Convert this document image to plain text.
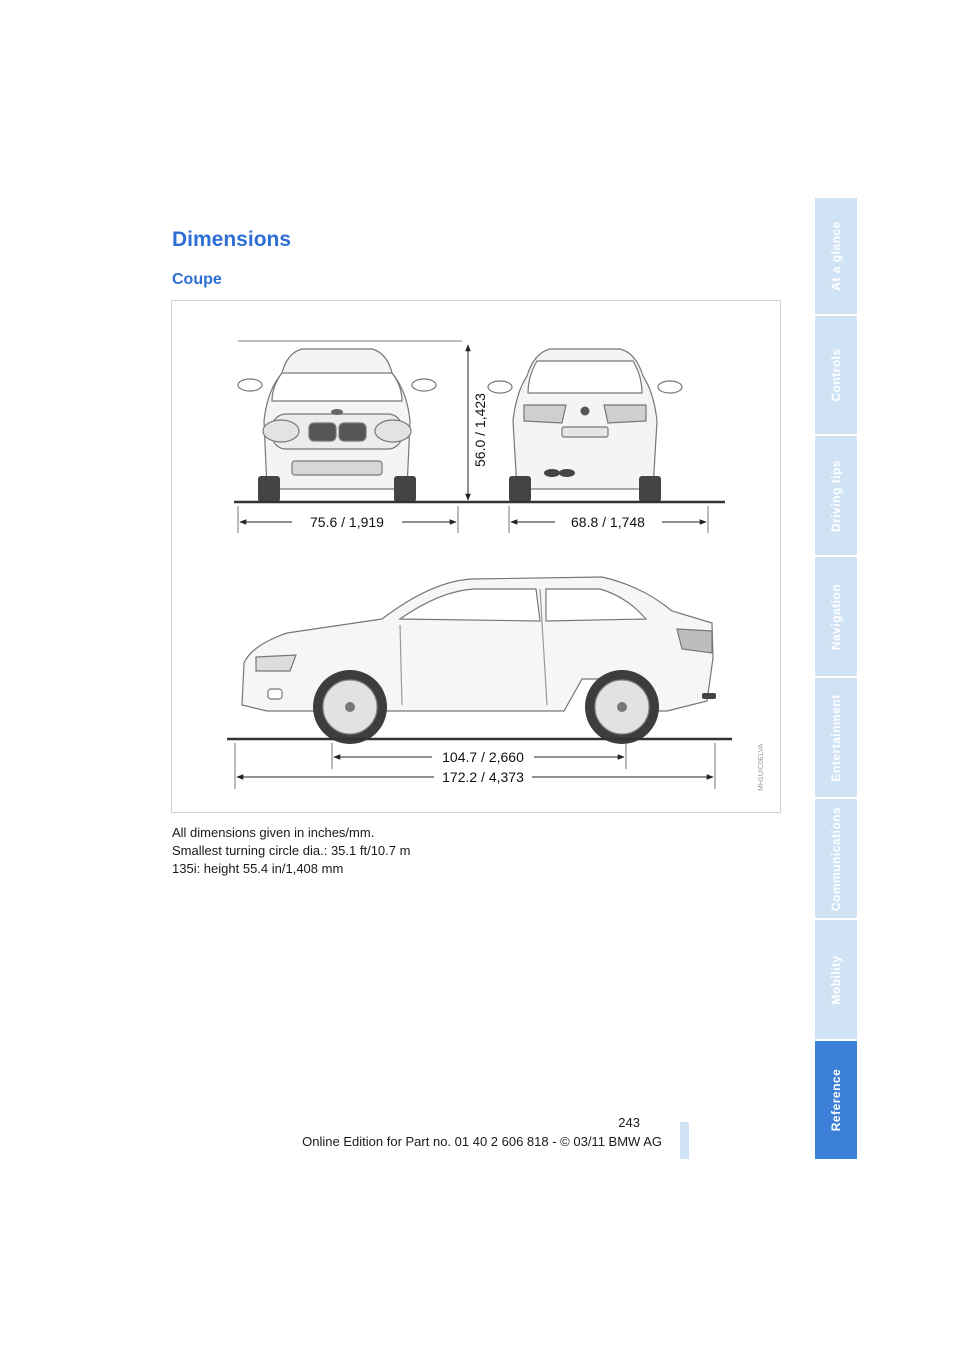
Dimensions
Coupe
56.0 / 1,423
75.6 / 1,919	68.8 / 1,748
104.7 / 2,660
172.2 / 4,373	MH1UIC0ELVA

All dimensions given in inches/mm.

Smallest turning circle dia.: 35.1 ft/10.7 m

135i: height 55.4 in/1,408 mm

At a glance
Controls
Driving tips
Navigation
Entertainment
Communications
Mobility
Reference

243

Online Edition for Part no. 01 40 2 606 818 - © 03/11 BMW AG
